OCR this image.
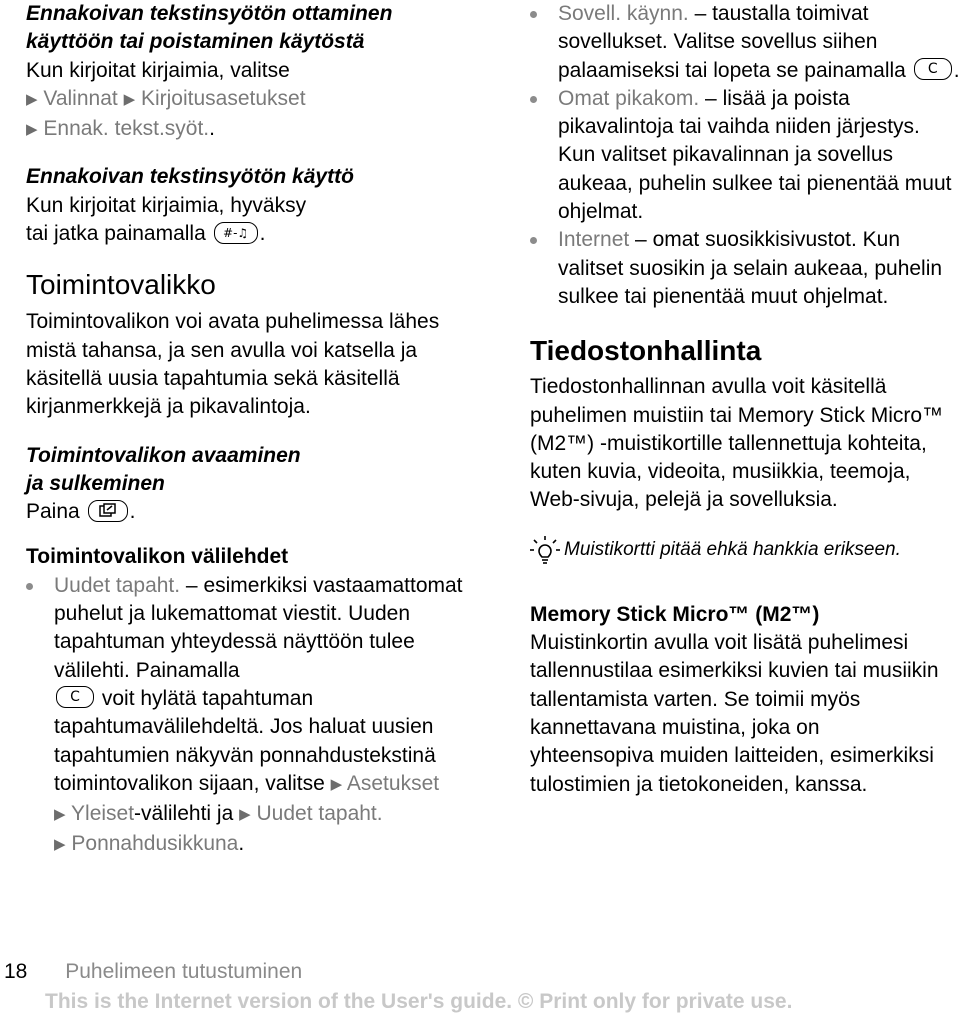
Ennakoivan tekstinsyötön ottaminen käyttöön tai poistaminen käytöstä

Kun kirjoitat kirjaimia, valitse
▶ Valinnat ▶ Kirjoitusasetukset
▶ Ennak. tekst.syöt..

Ennakoivan tekstinsyötön käyttö

Kun kirjoitat kirjaimia, hyväksy
tai jatka painamalla #-♫ .

Toimintovalikko

Toimintovalikon voi avata puhelimessa lähes mistä tahansa, ja sen avulla voi katsella ja käsitellä uusia tapahtumia sekä käsitellä kirjanmerkkejä ja pikavalintoja.

Toimintovalikon avaaminen
ja sulkeminen

Paina .

Toimintovalikon välilehdet

Uudet tapaht. – esimerkiksi vastaamattomat puhelut ja lukemattomat viestit. Uuden tapahtuman yhteydessä näyttöön tulee välilehti. Painamalla
C voit hylätä tapahtuman tapahtumavälilehdeltä. Jos haluat uusien tapahtumien näkyvän ponnahdustekstinä toimintovalikon sijaan, valitse ▶ Asetukset
▶ Yleiset-välilehti ja ▶ Uudet tapaht.
▶ Ponnahdusikkuna.
Sovell. käynn. – taustalla toimivat sovellukset. Valitse sovellus siihen palaamiseksi tai lopeta se painamalla C .
Omat pikakom. – lisää ja poista pikavalintoja tai vaihda niiden järjestys. Kun valitset pikavalinnan ja sovellus aukeaa, puhelin sulkee tai pienentää muut ohjelmat.
Internet – omat suosikkisivustot. Kun valitset suosikin ja selain aukeaa, puhelin sulkee tai pienentää muut ohjelmat.
Tiedostonhallinta

Tiedostonhallinnan avulla voit käsitellä puhelimen muistiin tai Memory Stick Micro™ (M2™) -muistikortille tallennettuja kohteita, kuten kuvia, videoita, musiikkia, teemoja, Web-sivuja, pelejä ja sovelluksia.

Muistikortti pitää ehkä hankkia erikseen.

Memory Stick Micro™ (M2™)

Muistinkortin avulla voit lisätä puhelimesi tallennustilaa esimerkiksi kuvien tai musiikin tallentamista varten. Se toimii myös kannettavana muistina, joka on yhteensopiva muiden laitteiden, esimerkiksi tulostimien ja tietokoneiden, kanssa.

18 Puhelimeen tutustuminen
This is the Internet version of the User's guide. © Print only for private use.
